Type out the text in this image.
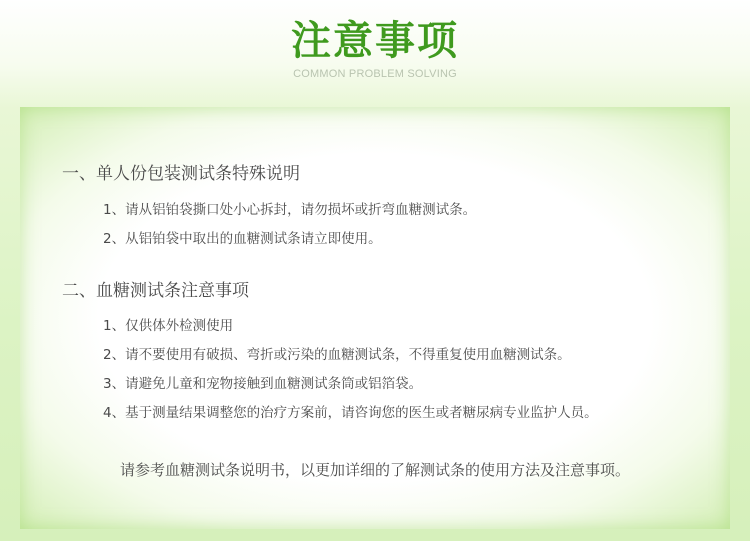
注意事项
COMMON PROBLEM SOLVING
一、单人份包装测试条特殊说明
1、请从铝铂袋撕口处小心拆封，请勿损坏或折弯血糖测试条。
2、从铝铂袋中取出的血糖测试条请立即使用。
二、血糖测试条注意事项
1、仅供体外检测使用
2、请不要使用有破损、弯折或污染的血糖测试条，不得重复使用血糖测试条。
3、请避免儿童和宠物接触到血糖测试条筒或铝箔袋。
4、基于测量结果调整您的治疗方案前，请咨询您的医生或者糖尿病专业监护人员。
请参考血糖测试条说明书，以更加详细的了解测试条的使用方法及注意事项。
